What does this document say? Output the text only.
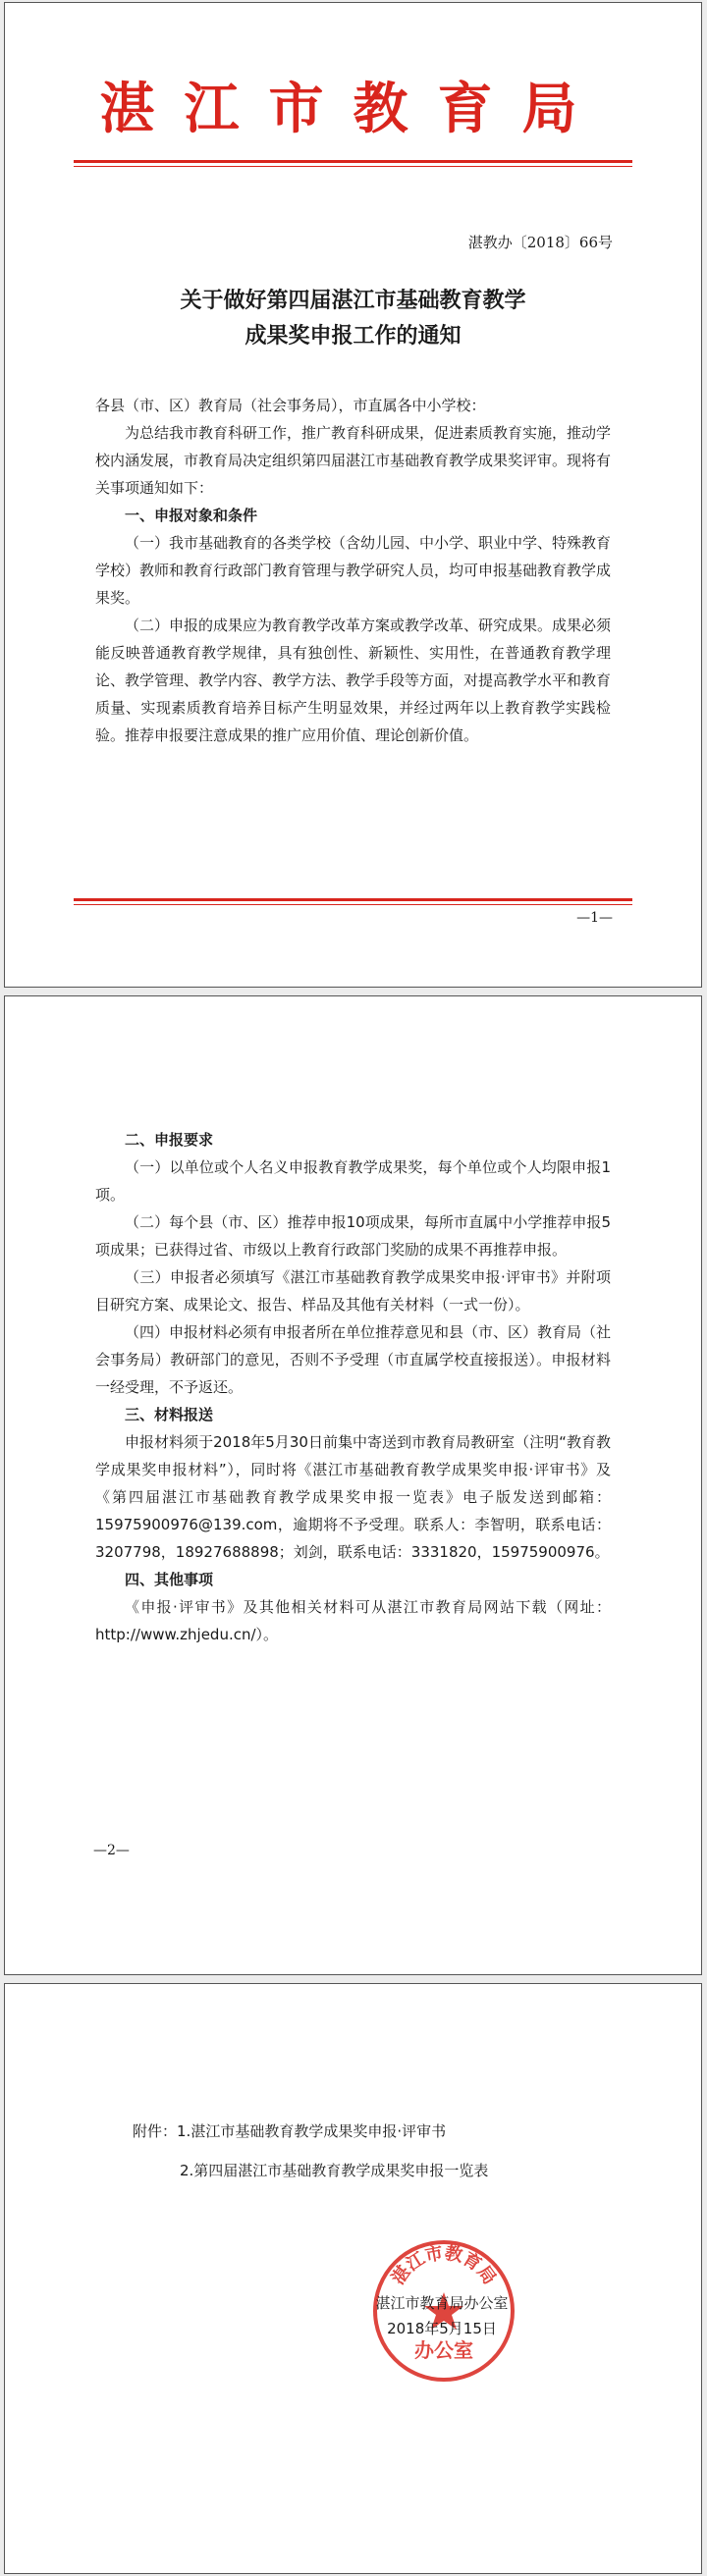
湛江市教育局
湛教办〔2018〕66号
关于做好第四届湛江市基础教育教学
成果奖申报工作的通知

各县（市、区）教育局（社会事务局），市直属各中小学校：

为总结我市教育科研工作，推广教育科研成果，促进素质教育实施，推动学校内涵发展，市教育局决定组织第四届湛江市基础教育教学成果奖评审。现将有关事项通知如下：

一、申报对象和条件

（一）我市基础教育的各类学校（含幼儿园、中小学、职业中学、特殊教育学校）教师和教育行政部门教育管理与教学研究人员，均可申报基础教育教学成果奖。

（二）申报的成果应为教育教学改革方案或教学改革、研究成果。成果必须能反映普通教育教学规律，具有独创性、新颖性、实用性，在普通教育教学理论、教学管理、教学内容、教学方法、教学手段等方面，对提高教学水平和教育质量、实现素质教育培养目标产生明显效果，并经过两年以上教育教学实践检验。推荐申报要注意成果的推广应用价值、理论创新价值。

—1—
二、申报要求

（一）以单位或个人名义申报教育教学成果奖，每个单位或个人均限申报1项。

（二）每个县（市、区）推荐申报10项成果，每所市直属中小学推荐申报5项成果；已获得过省、市级以上教育行政部门奖励的成果不再推荐申报。

（三）申报者必须填写《湛江市基础教育教学成果奖申报·评审书》并附项目研究方案、成果论文、报告、样品及其他有关材料（一式一份）。

（四）申报材料必须有申报者所在单位推荐意见和县（市、区）教育局（社会事务局）教研部门的意见，否则不予受理（市直属学校直接报送）。申报材料一经受理，不予返还。

三、材料报送

申报材料须于2018年5月30日前集中寄送到市教育局教研室（注明“教育教学成果奖申报材料”），同时将《湛江市基础教育教学成果奖申报·评审书》及《第四届湛江市基础教育教学成果奖申报一览表》电子版发送到邮箱：15975900976@139.com，逾期将不予受理。联系人：李智明，联系电话：3207798，18927688898；刘剑，联系电话：3331820，15975900976。

四、其他事项

《申报·评审书》及其他相关材料可从湛江市教育局网站下载（网址：http://www.zhjedu.cn/）。

—2—
附件：1.湛江市基础教育教学成果奖申报·评审书
2.第四届湛江市基础教育教学成果奖申报一览表
湛江市教育局
办公室
湛江市教育局办公室
2018年5月15日
